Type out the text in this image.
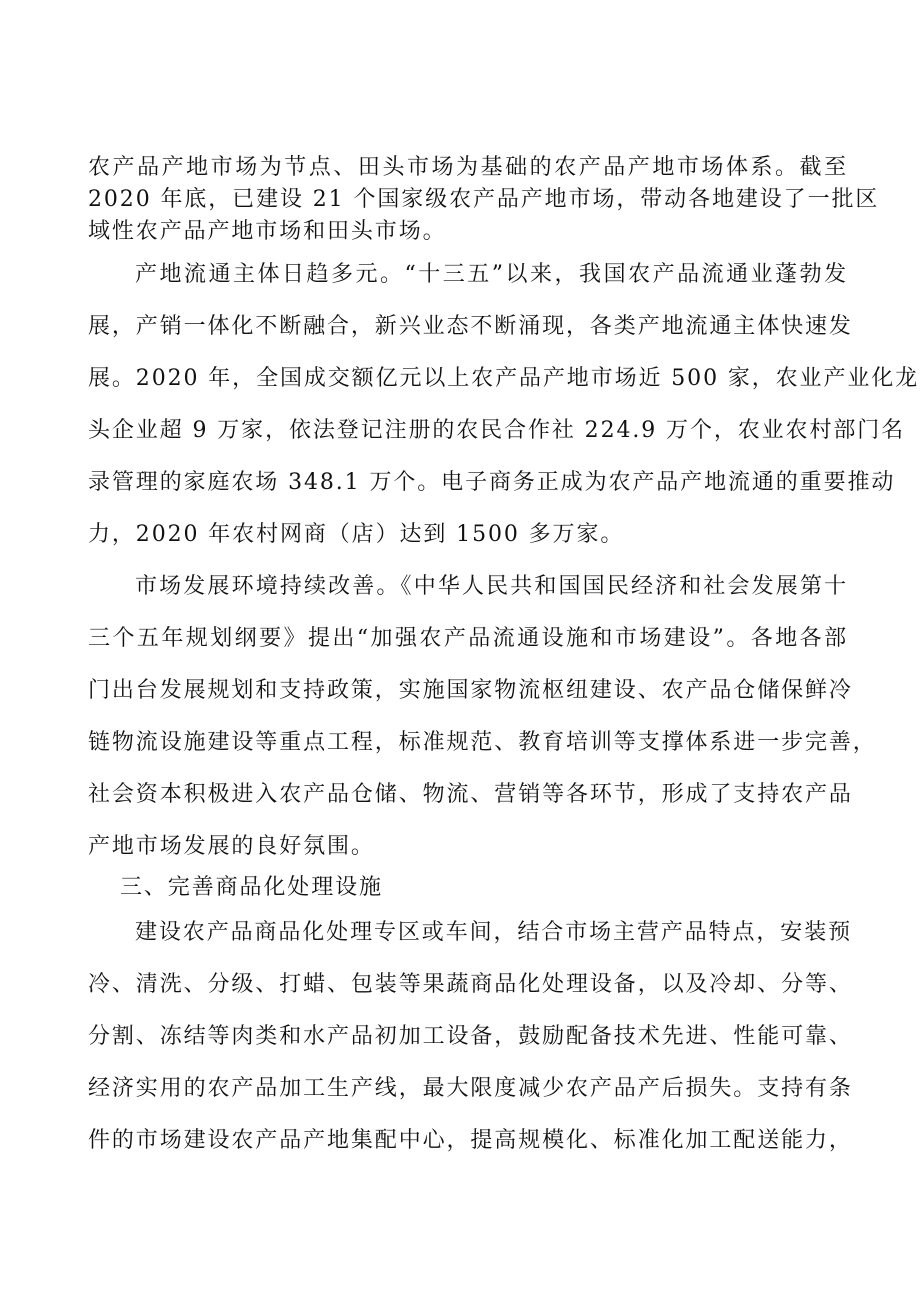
农产品产地市场为节点、田头市场为基础的农产品产地市场体系。截至
2020 年底，已建设 21 个国家级农产品产地市场，带动各地建设了一批区
域性农产品产地市场和田头市场。
产地流通主体日趋多元。“十三五”以来，我国农产品流通业蓬勃发
展，产销一体化不断融合，新兴业态不断涌现，各类产地流通主体快速发
展。2020 年，全国成交额亿元以上农产品产地市场近 500 家，农业产业化龙
头企业超 9 万家，依法登记注册的农民合作社 224.9 万个，农业农村部门名
录管理的家庭农场 348.1 万个。电子商务正成为农产品产地流通的重要推动
力，2020 年农村网商（店）达到 1500 多万家。
市场发展环境持续改善。《中华人民共和国国民经济和社会发展第十
三个五年规划纲要》提出“加强农产品流通设施和市场建设”。各地各部
门出台发展规划和支持政策，实施国家物流枢纽建设、农产品仓储保鲜冷
链物流设施建设等重点工程，标准规范、教育培训等支撑体系进一步完善，
社会资本积极进入农产品仓储、物流、营销等各环节，形成了支持农产品
产地市场发展的良好氛围。
三、完善商品化处理设施
建设农产品商品化处理专区或车间，结合市场主营产品特点，安装预
冷、清洗、分级、打蜡、包装等果蔬商品化处理设备，以及冷却、分等、
分割、冻结等肉类和水产品初加工设备，鼓励配备技术先进、性能可靠、
经济实用的农产品加工生产线，最大限度减少农产品产后损失。支持有条
件的市场建设农产品产地集配中心，提高规模化、标准化加工配送能力，
